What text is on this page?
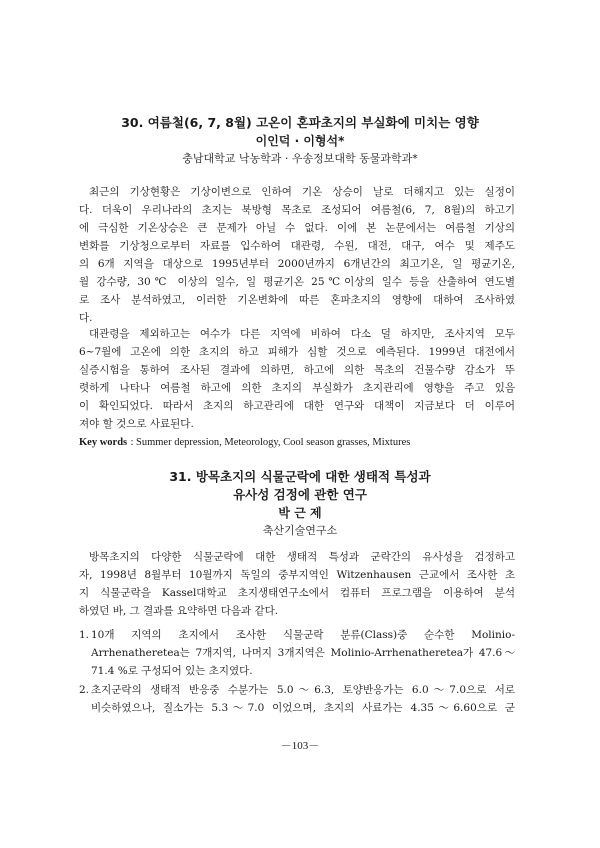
30. 여름철(6, 7, 8월) 고온이 혼파초지의 부실화에 미치는 영향

이인덕 · 이형석*

충남대학교 낙농학과 · 우송정보대학 동물과학과*

최근의 기상현황은 기상이변으로 인하여 기온 상승이 날로 더해지고 있는 실정이
다. 더욱이 우리나라의 초지는 북방형 목초로 조성되어 여름철(6, 7, 8월)의 하고기
에 극심한 기온상승은 큰 문제가 아닐 수 없다. 이에 본 논문에서는 여름철 기상의
변화를 기상청으로부터 자료를 입수하여 대관령, 수원, 대전, 대구, 여수 및 제주도
의 6개 지역을 대상으로 1995년부터 2000년까지 6개년간의 최고기온, 일 평균기온,
월 강수량, 30℃ 이상의 일수, 일 평균기온 25℃이상의 일수 등을 산출하여 연도별
로 조사 분석하였고, 이러한 기온변화에 따른 혼파초지의 영향에 대하여 조사하였
다.
대관령을 제외하고는 여수가 다른 지역에 비하여 다소 덜 하지만, 조사지역 모두
6~7월에 고온에 의한 초지의 하고 피해가 심할 것으로 예측된다. 1999년 대전에서
실증시험을 통하여 조사된 결과에 의하면, 하고에 의한 목초의 건물수량 감소가 뚜
렷하게 나타나 여름철 하고에 의한 초지의 부실화가 초지관리에 영향을 주고 있음
이 확인되었다. 따라서 초지의 하고관리에 대한 연구와 대책이 지금보다 더 이루어
져야 할 것으로 사료된다.
Key words : Summer depression, Meteorology, Cool season grasses, Mixtures

31. 방목초지의 식물군락에 대한 생태적 특성과

유사성 검정에 관한 연구

박 근 제

축산기술연구소

방목초지의 다양한 식물군락에 대한 생태적 특성과 군락간의 유사성을 검정하고
자, 1998년 8월부터 10월까지 독일의 중부지역인 Witzenhausen 근교에서 조사한 초
지 식물군락을 Kassel대학교 초지생태연구소에서 컴퓨터 프로그램을 이용하여 분석
하였던 바, 그 결과를 요약하면 다음과 같다.
1. 10개 지역의 초지에서 조사한 식물군락 분류(Class)중 순수한 Molinio-
Arrhenatheretea는 7개지역, 나머지 3개지역은 Molinio-Arrhenatheretea가 47.6～
71.4 %로 구성되어 있는 초지였다.
2. 초지군락의 생태적 반응중 수분가는 5.0～6.3, 토양반응가는 6.0～7.0으로 서로
비슷하였으나, 질소가는 5.3～7.0 이었으며, 초지의 사료가는 4.35～6.60으로 군
－103－
